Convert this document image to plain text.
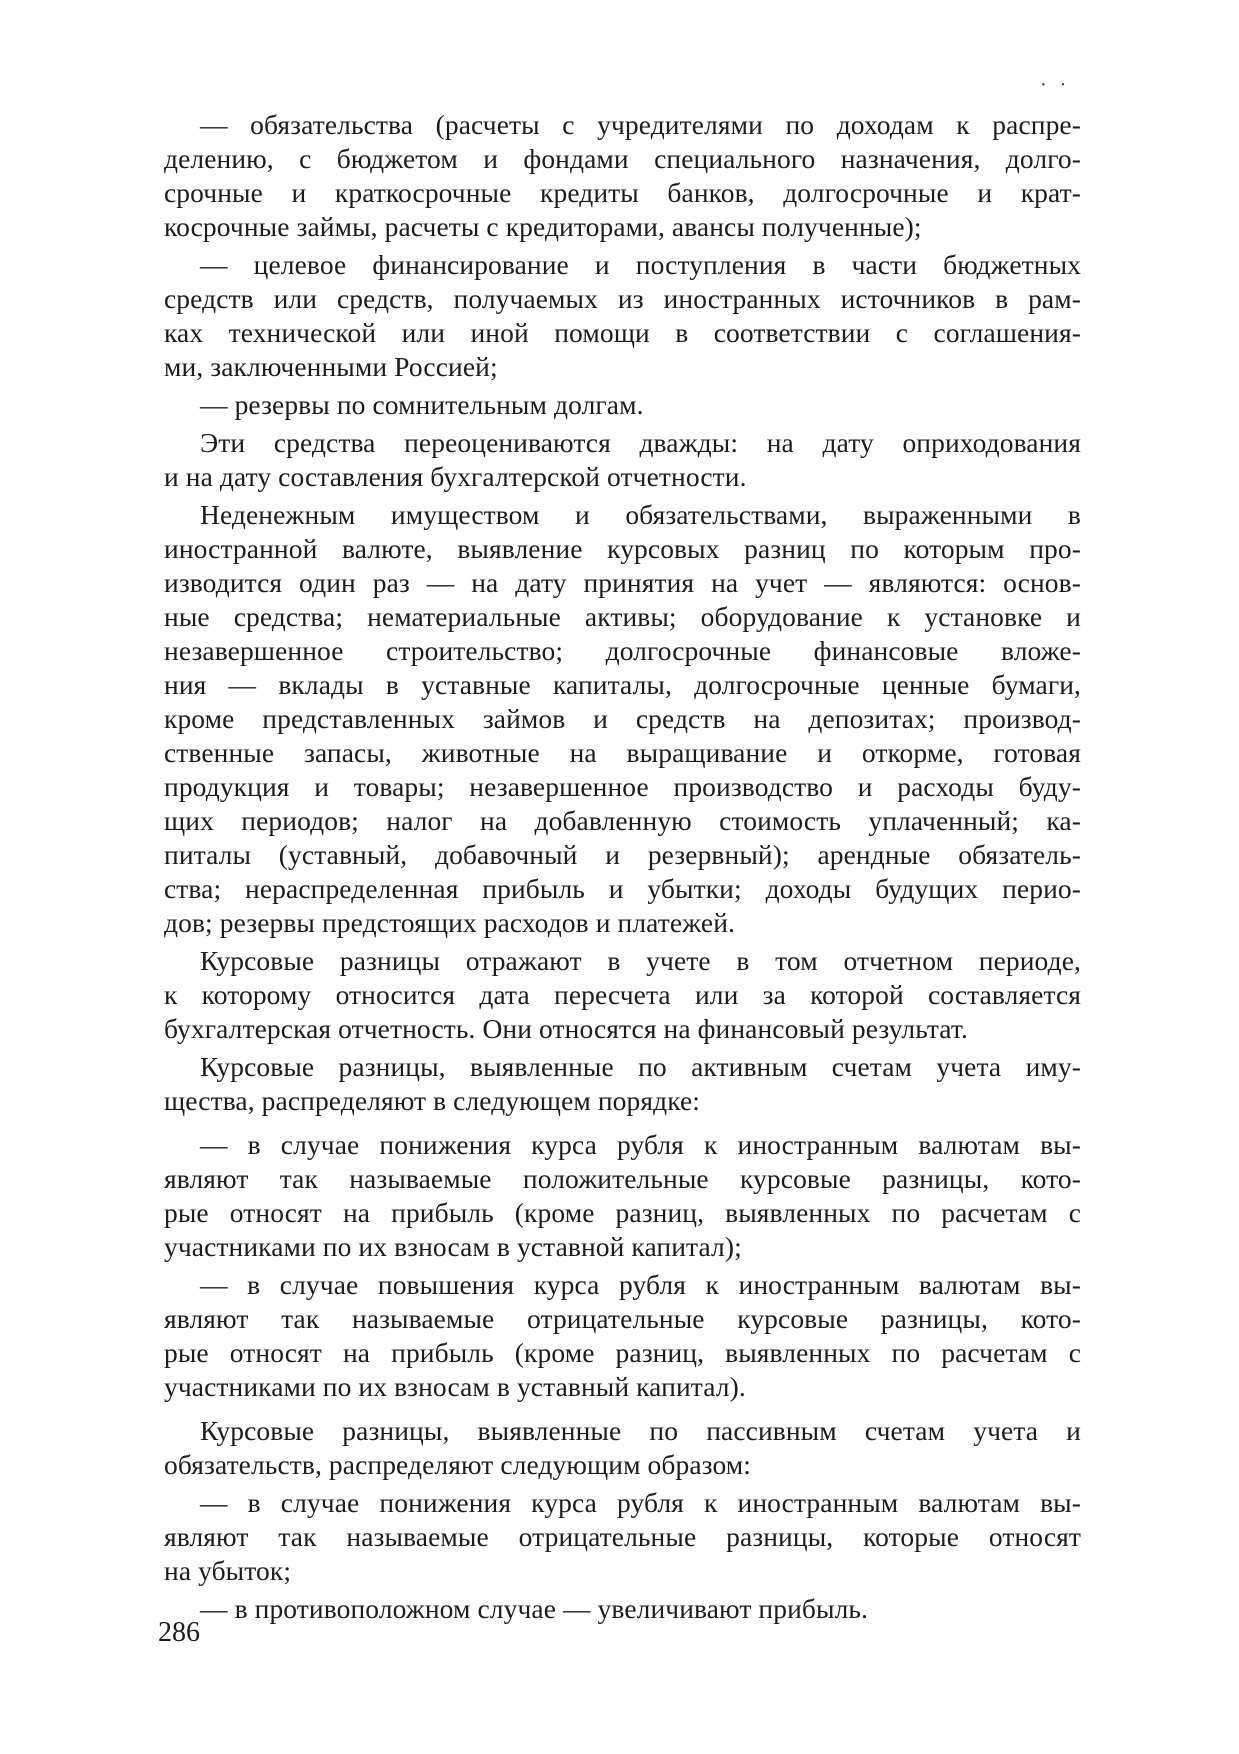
· ·
— обязательства (расчеты с учредителями по доходам к распре-
делению, с бюджетом и фондами специального назначения, долго-
срочные и краткосрочные кредиты банков, долгосрочные и крат-
косрочные займы, расчеты с кредиторами, авансы полученные);
— целевое финансирование и поступления в части бюджетных
средств или средств, получаемых из иностранных источников в рам-
ках технической или иной помощи в соответствии с соглашения-
ми, заключенными Россией;
— резервы по сомнительным долгам.
Эти средства переоцениваются дважды: на дату оприходования
и на дату составления бухгалтерской отчетности.
Неденежным имуществом и обязательствами, выраженными в
иностранной валюте, выявление курсовых разниц по которым про-
изводится один раз — на дату принятия на учет — являются: основ-
ные средства; нематериальные активы; оборудование к установке и
незавершенное строительство; долгосрочные финансовые вложе-
ния — вклады в уставные капиталы, долгосрочные ценные бумаги,
кроме представленных займов и средств на депозитах; производ-
ственные запасы, животные на выращивание и откорме, готовая
продукция и товары; незавершенное производство и расходы буду-
щих периодов; налог на добавленную стоимость уплаченный; ка-
питалы (уставный, добавочный и резервный); арендные обязатель-
ства; нераспределенная прибыль и убытки; доходы будущих перио-
дов; резервы предстоящих расходов и платежей.
Курсовые разницы отражают в учете в том отчетном периоде,
к которому относится дата пересчета или за которой составляется
бухгалтерская отчетность. Они относятся на финансовый результат.
Курсовые разницы, выявленные по активным счетам учета иму-
щества, распределяют в следующем порядке:
— в случае понижения курса рубля к иностранным валютам вы-
являют так называемые положительные курсовые разницы, кото-
рые относят на прибыль (кроме разниц, выявленных по расчетам с
участниками по их взносам в уставной капитал);
— в случае повышения курса рубля к иностранным валютам вы-
являют так называемые отрицательные курсовые разницы, кото-
рые относят на прибыль (кроме разниц, выявленных по расчетам с
участниками по их взносам в уставный капитал).
Курсовые разницы, выявленные по пассивным счетам учета и
обязательств, распределяют следующим образом:
— в случае понижения курса рубля к иностранным валютам вы-
являют так называемые отрицательные разницы, которые относят
на убыток;
— в противоположном случае — увеличивают прибыль.
286
